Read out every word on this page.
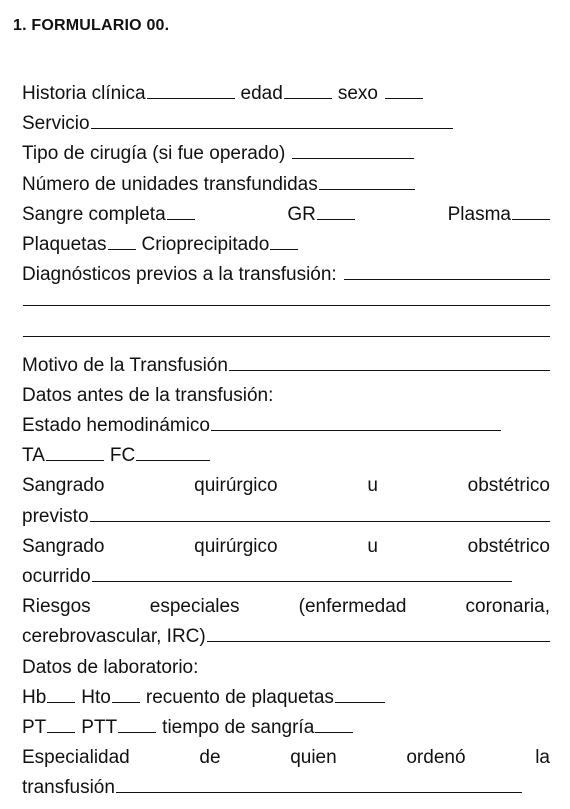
1. FORMULARIO 00.
Historia clínica	edad	sexo
Servicio
Tipo de cirugía (si fue operado)
Número de unidades transfundidas
Sangre completa	GR	Plasma
Plaquetas Crioprecipitado
Diagnósticos previos a la transfusión:
Motivo de la Transfusión
Datos antes de la transfusión:
Estado hemodinámico
TA	FC
Sangrado	quirúrgico	u	obstétrico
previsto
Sangrado	quirúrgico	u	obstétrico
ocurrido
Riesgos	especiales	(enfermedad	coronaria,
cerebrovascular, IRC)
Datos de laboratorio:
Hb Hto recuento de plaquetas
PT PTT tiempo de sangría
Especialidad	de	quien	ordenó	la
transfusión
